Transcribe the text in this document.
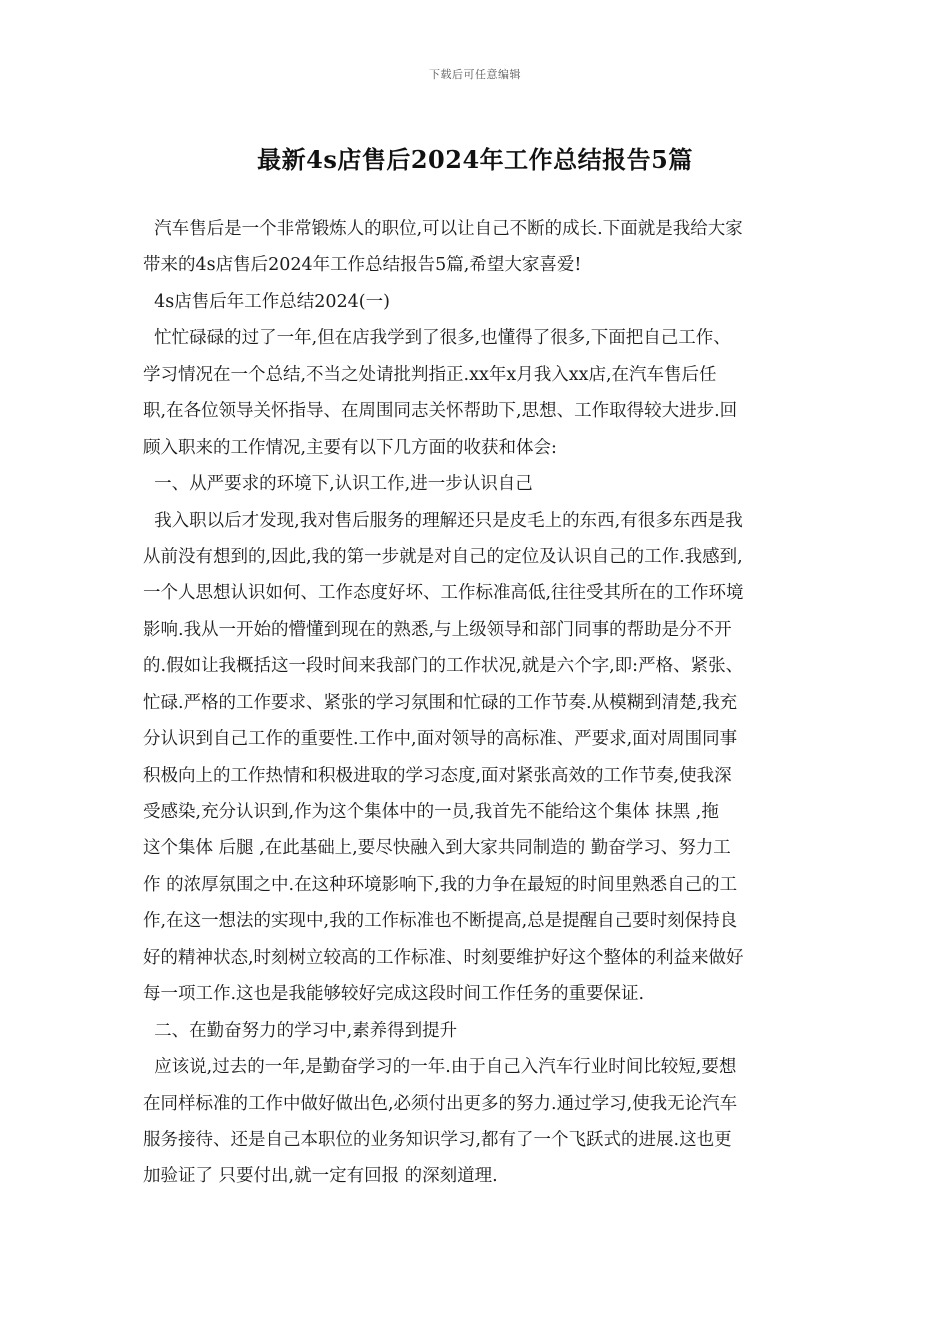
下载后可任意编辑
最新4s店售后2024年工作总结报告5篇
汽车售后是一个非常锻炼人的职位,可以让自己不断的成长.下面就是我给大家
带来的4s店售后2024年工作总结报告5篇,希望大家喜爱!
4s店售后年工作总结2024(一)
忙忙碌碌的过了一年,但在店我学到了很多,也懂得了很多,下面把自己工作、
学习情况在一个总结,不当之处请批判指正.xx年x月我入xx店,在汽车售后任
职,在各位领导关怀指导、在周围同志关怀帮助下,思想、工作取得较大进步.回
顾入职来的工作情况,主要有以下几方面的收获和体会:
一、从严要求的环境下,认识工作,进一步认识自己
我入职以后才发现,我对售后服务的理解还只是皮毛上的东西,有很多东西是我
从前没有想到的,因此,我的第一步就是对自己的定位及认识自己的工作.我感到,
一个人思想认识如何、工作态度好坏、工作标准高低,往往受其所在的工作环境
影响.我从一开始的懵懂到现在的熟悉,与上级领导和部门同事的帮助是分不开
的.假如让我概括这一段时间来我部门的工作状况,就是六个字,即:严格、紧张、
忙碌.严格的工作要求、紧张的学习氛围和忙碌的工作节奏.从模糊到清楚,我充
分认识到自己工作的重要性.工作中,面对领导的高标准、严要求,面对周围同事
积极向上的工作热情和积极进取的学习态度,面对紧张高效的工作节奏,使我深
受感染,充分认识到,作为这个集体中的一员,我首先不能给这个集体 抹黑 ,拖
这个集体 后腿 ,在此基础上,要尽快融入到大家共同制造的 勤奋学习、努力工
作 的浓厚氛围之中.在这种环境影响下,我的力争在最短的时间里熟悉自己的工
作,在这一想法的实现中,我的工作标准也不断提高,总是提醒自己要时刻保持良
好的精神状态,时刻树立较高的工作标准、时刻要维护好这个整体的利益来做好
每一项工作.这也是我能够较好完成这段时间工作任务的重要保证.
二、在勤奋努力的学习中,素养得到提升
应该说,过去的一年,是勤奋学习的一年.由于自己入汽车行业时间比较短,要想
在同样标准的工作中做好做出色,必须付出更多的努力.通过学习,使我无论汽车
服务接待、还是自己本职位的业务知识学习,都有了一个飞跃式的进展.这也更
加验证了 只要付出,就一定有回报 的深刻道理.
